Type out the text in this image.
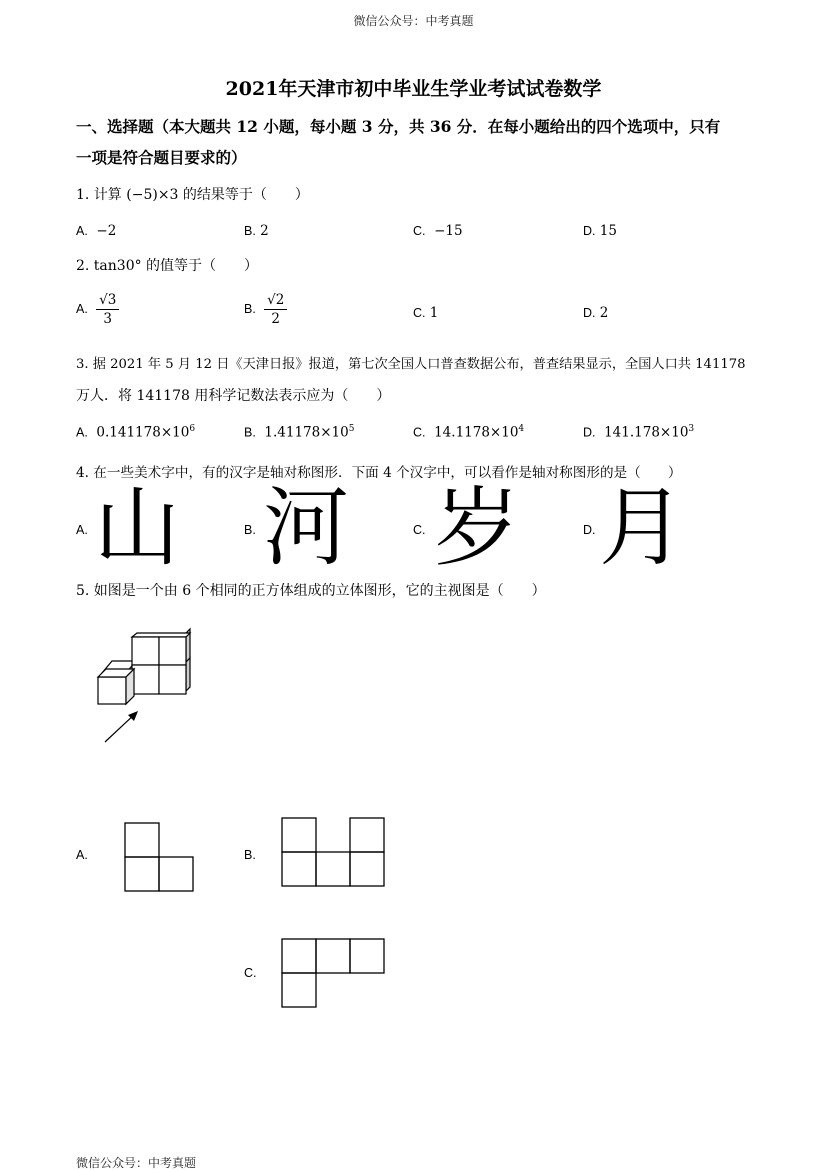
微信公众号：中考真题
2021年天津市初中毕业生学业考试试卷数学
一、选择题（本大题共 12 小题，每小题 3 分，共 36 分．在每小题给出的四个选项中，只有
一项是符合题目要求的）
1. 计算 (−5)×3 的结果等于（　　）
A. −2	B. 2	C. −15	D. 15
2. tan30° 的值等于（　　）
A. $\frac{√3}{3}$	B. $\frac{√2}{2}$	C. 1	D. 2
3. 据 2021 年 5 月 12 日《天津日报》报道，第七次全国人口普查数据公布，普查结果显示，全国人口共 141178
万人．将 141178 用科学记数法表示应为（　　）
A. $0.141178\times 10^6$	B. $1.41178\times 10^5$	C. $14.1178\times 10^4$	D. $141.178\times 10^3$
4. 在一些美术字中，有的汉字是轴对称图形．下面 4 个汉字中，可以看作是轴对称图形的是（　　）
A. 山	B. 河	C. 岁	D. 月
5. 如图是一个由 6 个相同的正方体组成的立体图形，它的主视图是（　　）
A.	B.
C.
微信公众号：中考真题
